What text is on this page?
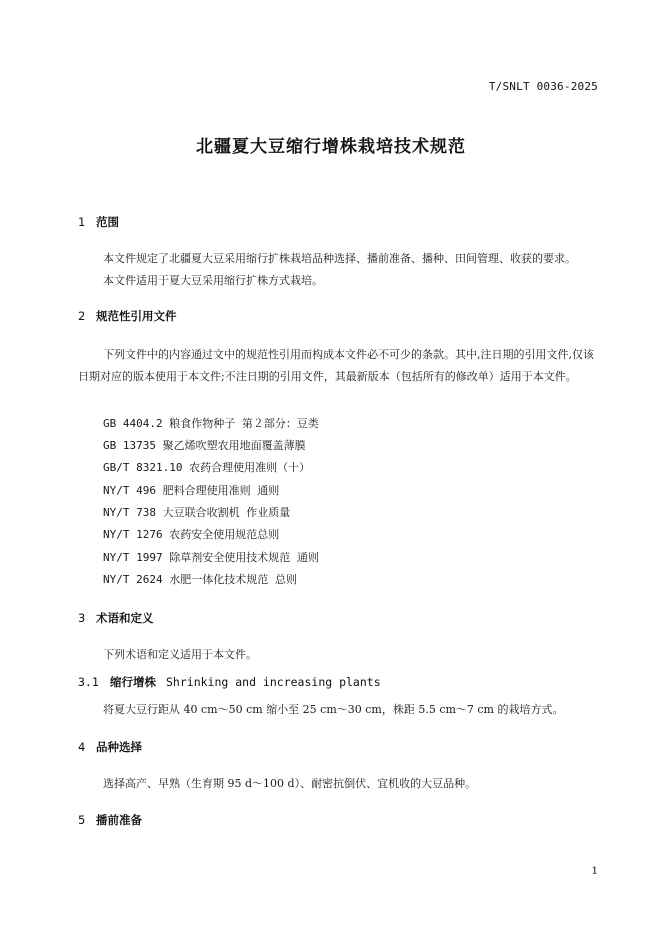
T/SNLT 0036-2025
北疆夏大豆缩行增株栽培技术规范
1 范围
本文件规定了北疆夏大豆采用缩行扩株栽培品种选择、播前准备、播种、田间管理、收获的要求。
本文件适用于夏大豆采用缩行扩株方式栽培。
2 规范性引用文件
下列文件中的内容通过文中的规范性引用而构成本文件必不可少的条款。其中,注日期的引用文件,仅该日期对应的版本使用于本文件;不注日期的引用文件，其最新版本（包括所有的修改单）适用于本文件。
GB 4404.2 粮食作物种子 第２部分：豆类
GB 13735 聚乙烯吹塑农用地面覆盖薄膜
GB/T 8321.10 农药合理使用准则（十）
NY/T 496 肥料合理使用准则 通则
NY/T 738 大豆联合收割机 作业质量
NY/T 1276 农药安全使用规范总则
NY/T 1997 除草剂安全使用技术规范 通则
NY/T 2624 水肥一体化技术规范 总则
3 术语和定义
下列术语和定义适用于本文件。
3.1 缩行增株 Shrinking and increasing plants
将夏大豆行距从 40 cm～50 cm 缩小至 25 cm～30 cm，株距 5.5 cm～7 cm 的栽培方式。
4 品种选择
选择高产、早熟（生育期 95 d～100 d）、耐密抗倒伏、宜机收的大豆品种。
5 播前准备
1
